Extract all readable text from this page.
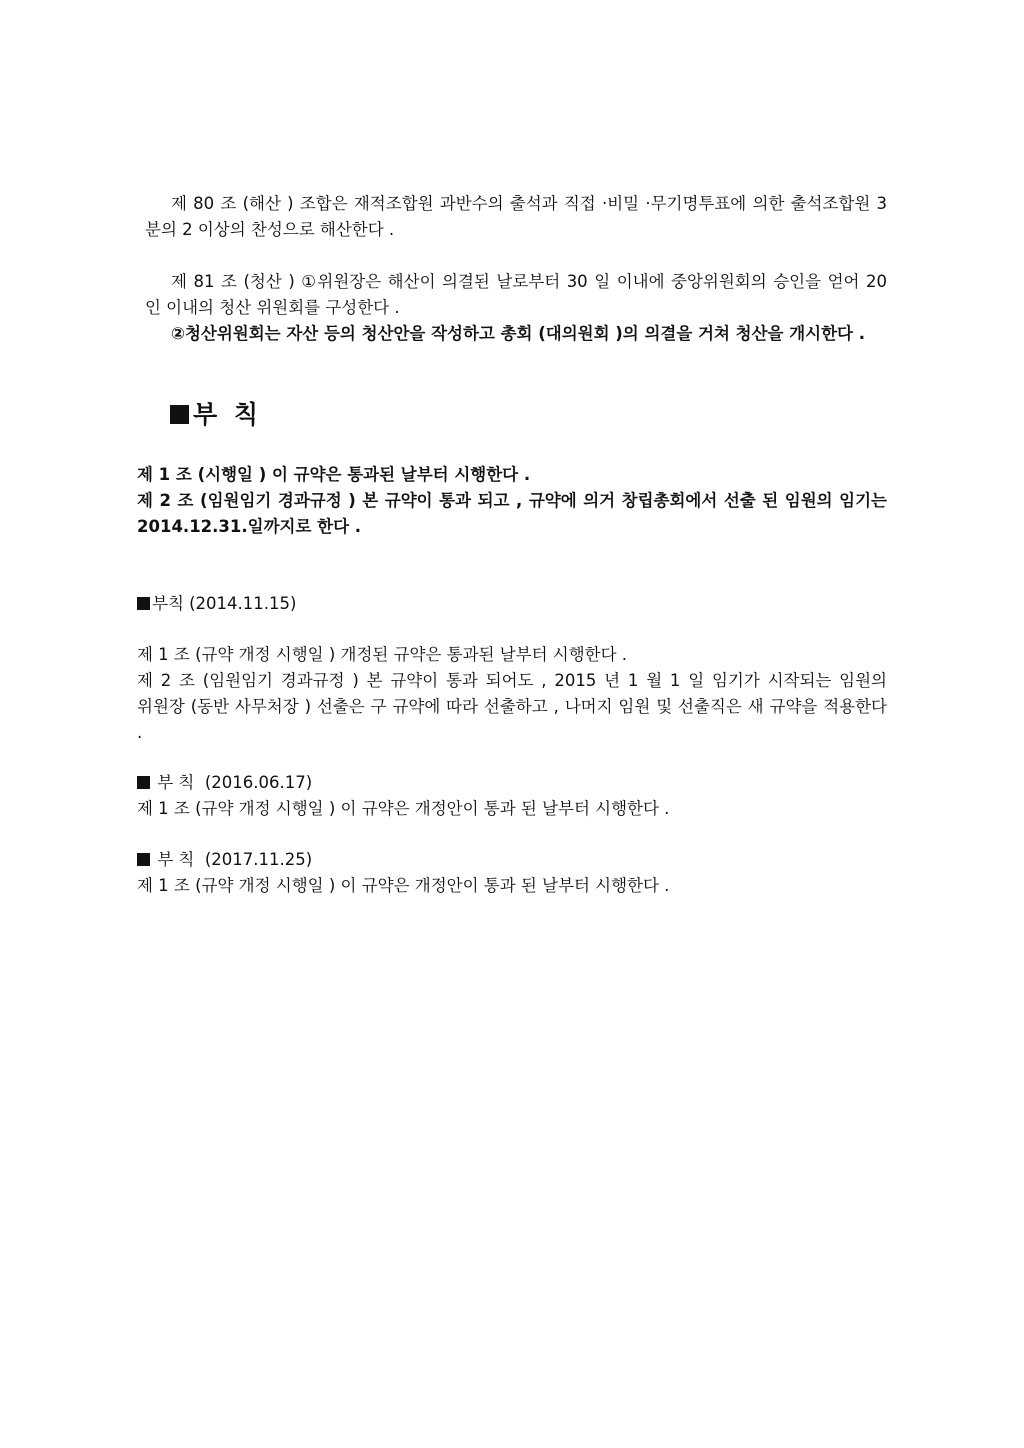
제 80 조 (해산 ) 조합은 재적조합원 과반수의 출석과 직접 ·비밀 ·무기명투표에 의한 출석조합원 3 분의 2 이상의 찬성으로 해산한다 .

제 81 조 (청산 ) ①위원장은 해산이 의결된 날로부터 30 일 이내에 중앙위원회의 승인을 얻어 20 인 이내의 청산 위원회를 구성한다 .

②청산위원회는 자산 등의 청산안을 작성하고 총회 (대의원회 )의 의결을 거쳐 청산을 개시한다 .

부 칙

제 1 조 (시행일 ) 이 규약은 통과된 날부터 시행한다 .

제 2 조 (임원임기 경과규정 ) 본 규약이 통과 되고 , 규약에 의거 창립총회에서 선출 된 임원의 임기는 2014.12.31.일까지로 한다 .

부칙 (2014.11.15)

제 1 조 (규약 개정 시행일 ) 개정된 규약은 통과된 날부터 시행한다 .

제 2 조 (임원임기 경과규정 ) 본 규약이 통과 되어도 , 2015 년 1 월 1 일 임기가 시작되는 임원의 위원장 (동반 사무처장 ) 선출은 구 규약에 따라 선출하고 , 나머지 임원 및 선출직은 새 규약을 적용한다 .

부 칙  (2016.06.17)

제 1 조 (규약 개정 시행일 ) 이 규약은 개정안이 통과 된 날부터 시행한다 .

부 칙  (2017.11.25)

제 1 조 (규약 개정 시행일 ) 이 규약은 개정안이 통과 된 날부터 시행한다 .
